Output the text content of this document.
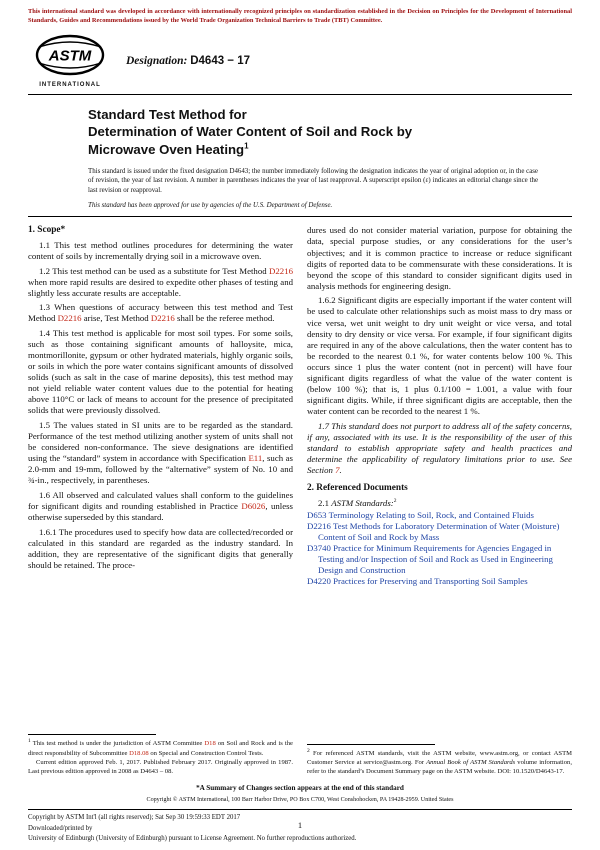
This international standard was developed in accordance with internationally recognized principles on standardization established in the Decision on Principles for the Development of International Standards, Guides and Recommendations issued by the World Trade Organization Technical Barriers to Trade (TBT) Committee.
ASTM
INTERNATIONAL
Designation: D4643 − 17
Standard Test Method for
Determination of Water Content of Soil and Rock by
Microwave Oven Heating$^1$

This standard is issued under the fixed designation D4643; the number immediately following the designation indicates the year of original adoption or, in the case of revision, the year of last revision. A number in parentheses indicates the year of last reapproval. A superscript epsilon (ε) indicates an editorial change since the last revision or reapproval.

This standard has been approved for use by agencies of the U.S. Department of Defense.

1. Scope*

1.1 This test method outlines procedures for determining the water content of soils by incrementally drying soil in a microwave oven.

1.2 This test method can be used as a substitute for Test Method D2216 when more rapid results are desired to expedite other phases of testing and slightly less accurate results are acceptable.

1.3 When questions of accuracy between this test method and Test Method D2216 arise, Test Method D2216 shall be the referee method.

1.4 This test method is applicable for most soil types. For some soils, such as those containing significant amounts of halloysite, mica, montmorillonite, gypsum or other hydrated materials, highly organic soils, or soils in which the pore water contains significant amounts of dissolved solids (such as salt in the case of marine deposits), this test method may not yield reliable water content values due to the potential for heating above 110°C or lack of means to account for the presence of precipitated solids that were previously dissolved.

1.5 The values stated in SI units are to be regarded as the standard. Performance of the test method utilizing another system of units shall not be considered non-conformance. The sieve designations are identified using the “standard” system in accordance with Specification E11, such as 2.0-mm and 19-mm, followed by the “alternative” system of No. 10 and ¾-in., respectively, in parentheses.

1.6 All observed and calculated values shall conform to the guidelines for significant digits and rounding established in Practice D6026, unless otherwise superseded by this standard.

1.6.1 The procedures used to specify how data are collected/recorded or calculated in this standard are regarded as the industry standard. In addition, they are representative of the significant digits that generally should be retained. The proce-

$^1$ This test method is under the jurisdiction of ASTM Committee D18 on Soil and Rock and is the direct responsibility of Subcommittee D18.08 on Special and Construction Control Tests.

Current edition approved Feb. 1, 2017. Published February 2017. Originally approved in 1987. Last previous edition approved in 2008 as D4643 – 08.

dures used do not consider material variation, purpose for obtaining the data, special purpose studies, or any considerations for the user’s objectives; and it is common practice to increase or reduce significant digits of reported data to be commensurate with these considerations. It is beyond the scope of this standard to consider significant digits used in analysis methods for engineering design.

1.6.2 Significant digits are especially important if the water content will be used to calculate other relationships such as moist mass to dry mass or vice versa, wet unit weight to dry unit weight or vice versa, and total density to dry density or vice versa. For example, if four significant digits are required in any of the above calculations, then the water content has to be recorded to the nearest 0.1 %, for water contents below 100 %. This occurs since 1 plus the water content (not in percent) will have four significant digits regardless of what the value of the water content is (below 100 %); that is, 1 plus 0.1/100 = 1.001, a value with four significant digits. While, if three significant digits are acceptable, then the water content can be recorded to the nearest 1 %.

1.7 This standard does not purport to address all of the safety concerns, if any, associated with its use. It is the responsibility of the user of this standard to establish appropriate safety and health practices and determine the applicability of regulatory limitations prior to use. See Section 7.

2. Referenced Documents

2.1 ASTM Standards:$^2$

D653 Terminology Relating to Soil, Rock, and Contained Fluids
D2216 Test Methods for Laboratory Determination of Water (Moisture) Content of Soil and Rock by Mass
D3740 Practice for Minimum Requirements for Agencies Engaged in Testing and/or Inspection of Soil and Rock as Used in Engineering Design and Construction
D4220 Practices for Preserving and Transporting Soil Samples

$^2$ For referenced ASTM standards, visit the ASTM website, www.astm.org, or contact ASTM Customer Service at service@astm.org. For Annual Book of ASTM Standards volume information, refer to the standard’s Document Summary page on the ASTM website. DOI: 10.1520/D4643-17.

*A Summary of Changes section appears at the end of this standard
Copyright © ASTM International, 100 Barr Harbor Drive, PO Box C700, West Conshohocken, PA 19428-2959. United States
1
Copyright by ASTM Int'l (all rights reserved); Sat Sep 30 19:59:33 EDT 2017
Downloaded/printed by
University of Edinburgh (University of Edinburgh) pursuant to License Agreement. No further reproductions authorized.
